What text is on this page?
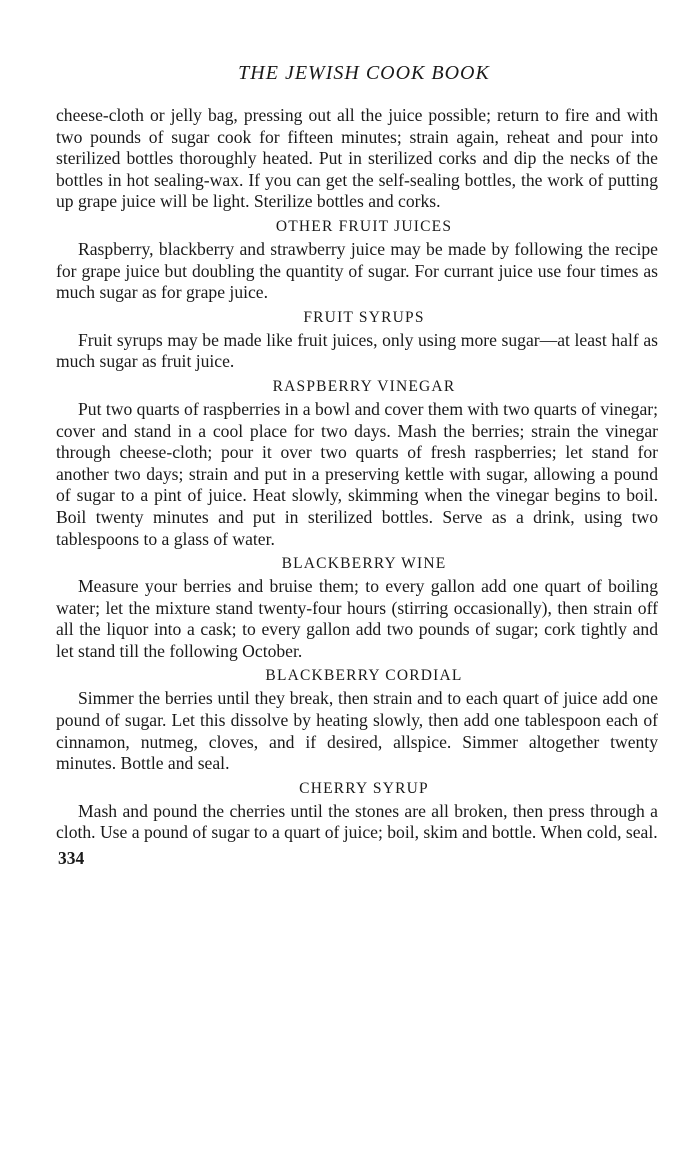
THE JEWISH COOK BOOK

cheese-cloth or jelly bag, pressing out all the juice possible; return to fire and with two pounds of sugar cook for fifteen minutes; strain again, reheat and pour into sterilized bottles thoroughly heated. Put in sterilized corks and dip the necks of the bottles in hot sealing-wax. If you can get the self-sealing bottles, the work of putting up grape juice will be light. Sterilize bottles and corks.

OTHER FRUIT JUICES

Raspberry, blackberry and strawberry juice may be made by following the recipe for grape juice but doubling the quantity of sugar. For currant juice use four times as much sugar as for grape juice.

FRUIT SYRUPS

Fruit syrups may be made like fruit juices, only using more sugar—at least half as much sugar as fruit juice.

RASPBERRY VINEGAR

Put two quarts of raspberries in a bowl and cover them with two quarts of vinegar; cover and stand in a cool place for two days. Mash the berries; strain the vinegar through cheese-cloth; pour it over two quarts of fresh raspberries; let stand for another two days; strain and put in a preserving kettle with sugar, allowing a pound of sugar to a pint of juice. Heat slowly, skimming when the vinegar begins to boil. Boil twenty minutes and put in sterilized bottles. Serve as a drink, using two tablespoons to a glass of water.

BLACKBERRY WINE

Measure your berries and bruise them; to every gallon add one quart of boiling water; let the mixture stand twenty-four hours (stirring occasionally), then strain off all the liquor into a cask; to every gallon add two pounds of sugar; cork tightly and let stand till the following October.

BLACKBERRY CORDIAL

Simmer the berries until they break, then strain and to each quart of juice add one pound of sugar. Let this dissolve by heating slowly, then add one tablespoon each of cinnamon, nutmeg, cloves, and if desired, allspice. Simmer altogether twenty minutes. Bottle and seal.

CHERRY SYRUP

Mash and pound the cherries until the stones are all broken, then press through a cloth. Use a pound of sugar to a quart of juice; boil, skim and bottle. When cold, seal.

334
